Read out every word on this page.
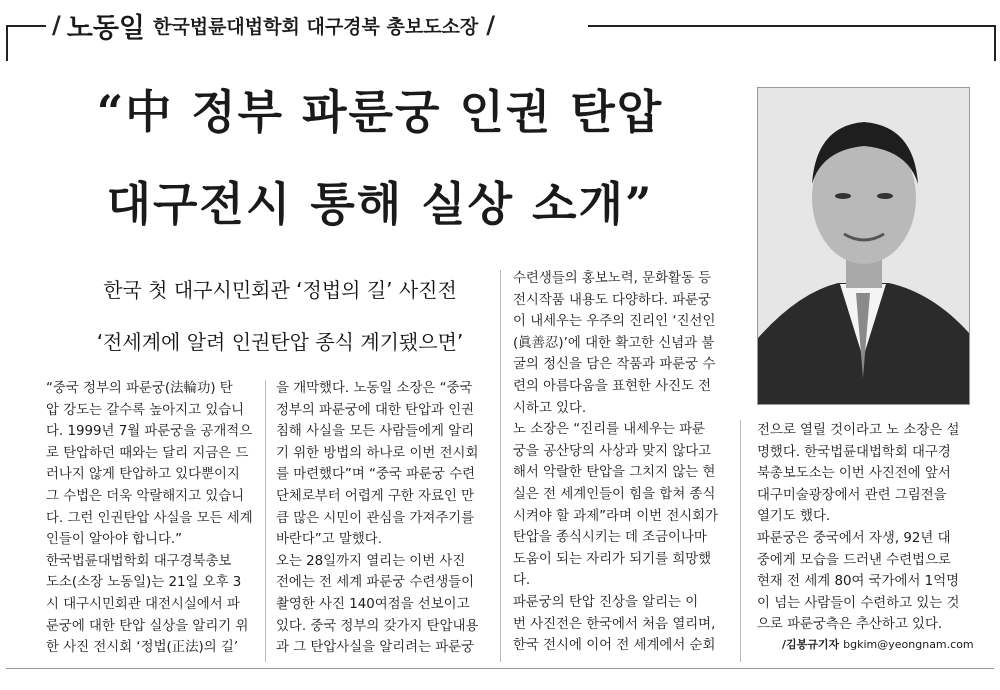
/ 노동일 한국법륜대법학회 대구경북 총보도소장 /
“中 정부 파룬궁 인권 탄압
대구전시 통해 실상 소개”
한국 첫 대구시민회관 ‘정법의 길’ 사진전
‘전세계에 알려 인권탄압 종식 계기됐으면’
“중국 정부의 파룬궁(法輪功) 탄
압 강도는 갈수록 높아지고 있습니
다. 1999년 7월 파룬궁을 공개적으
로 탄압하던 때와는 달리 지금은 드
러나지 않게 탄압하고 있다뿐이지
그 수법은 더욱 악랄해지고 있습니
다. 그런 인권탄압 사실을 모든 세계
인들이 알아야 합니다.”
한국법륜대법학회 대구경북총보
도소(소장 노동일)는 21일 오후 3
시 대구시민회관 대전시실에서 파
룬궁에 대한 탄압 실상을 알리기 위
한 사진 전시회 ‘정법(正法)의 길’
을 개막했다. 노동일 소장은 “중국
정부의 파룬궁에 대한 탄압과 인권
침해 사실을 모든 사람들에게 알리
기 위한 방법의 하나로 이번 전시회
를 마련했다”며 “중국 파룬궁 수련
단체로부터 어렵게 구한 자료인 만
큼 많은 시민이 관심을 가져주기를
바란다”고 말했다.
오는 28일까지 열리는 이번 사진
전에는 전 세계 파룬궁 수련생들이
촬영한 사진 140여점을 선보이고
있다. 중국 정부의 갖가지 탄압내용
과 그 탄압사실을 알리려는 파룬궁
수련생들의 홍보노력, 문화활동 등
전시작품 내용도 다양하다. 파룬궁
이 내세우는 우주의 진리인 ‘진선인
(眞善忍)’에 대한 확고한 신념과 불
굴의 정신을 담은 작품과 파룬궁 수
련의 아름다움을 표현한 사진도 전
시하고 있다.
노 소장은 “진리를 내세우는 파룬
궁을 공산당의 사상과 맞지 않다고
해서 악랄한 탄압을 그치지 않는 현
실은 전 세계인들이 힘을 합쳐 종식
시켜야 할 과제”라며 이번 전시회가
탄압을 종식시키는 데 조금이나마
도움이 되는 자리가 되기를 희망했
다.
파룬궁의 탄압 진상을 알리는 이
번 사진전은 한국에서 처음 열리며,
한국 전시에 이어 전 세계에서 순회
전으로 열릴 것이라고 노 소장은 설
명했다. 한국법륜대법학회 대구경
북총보도소는 이번 사진전에 앞서
대구미술광장에서 관련 그림전을
열기도 했다.
파룬궁은 중국에서 자생, 92년 대
중에게 모습을 드러낸 수련법으로
현재 전 세계 80여 국가에서 1억명
이 넘는 사람들이 수련하고 있는 것
으로 파룬궁측은 추산하고 있다.
/김봉규기자 bgkim@yeongnam.com
